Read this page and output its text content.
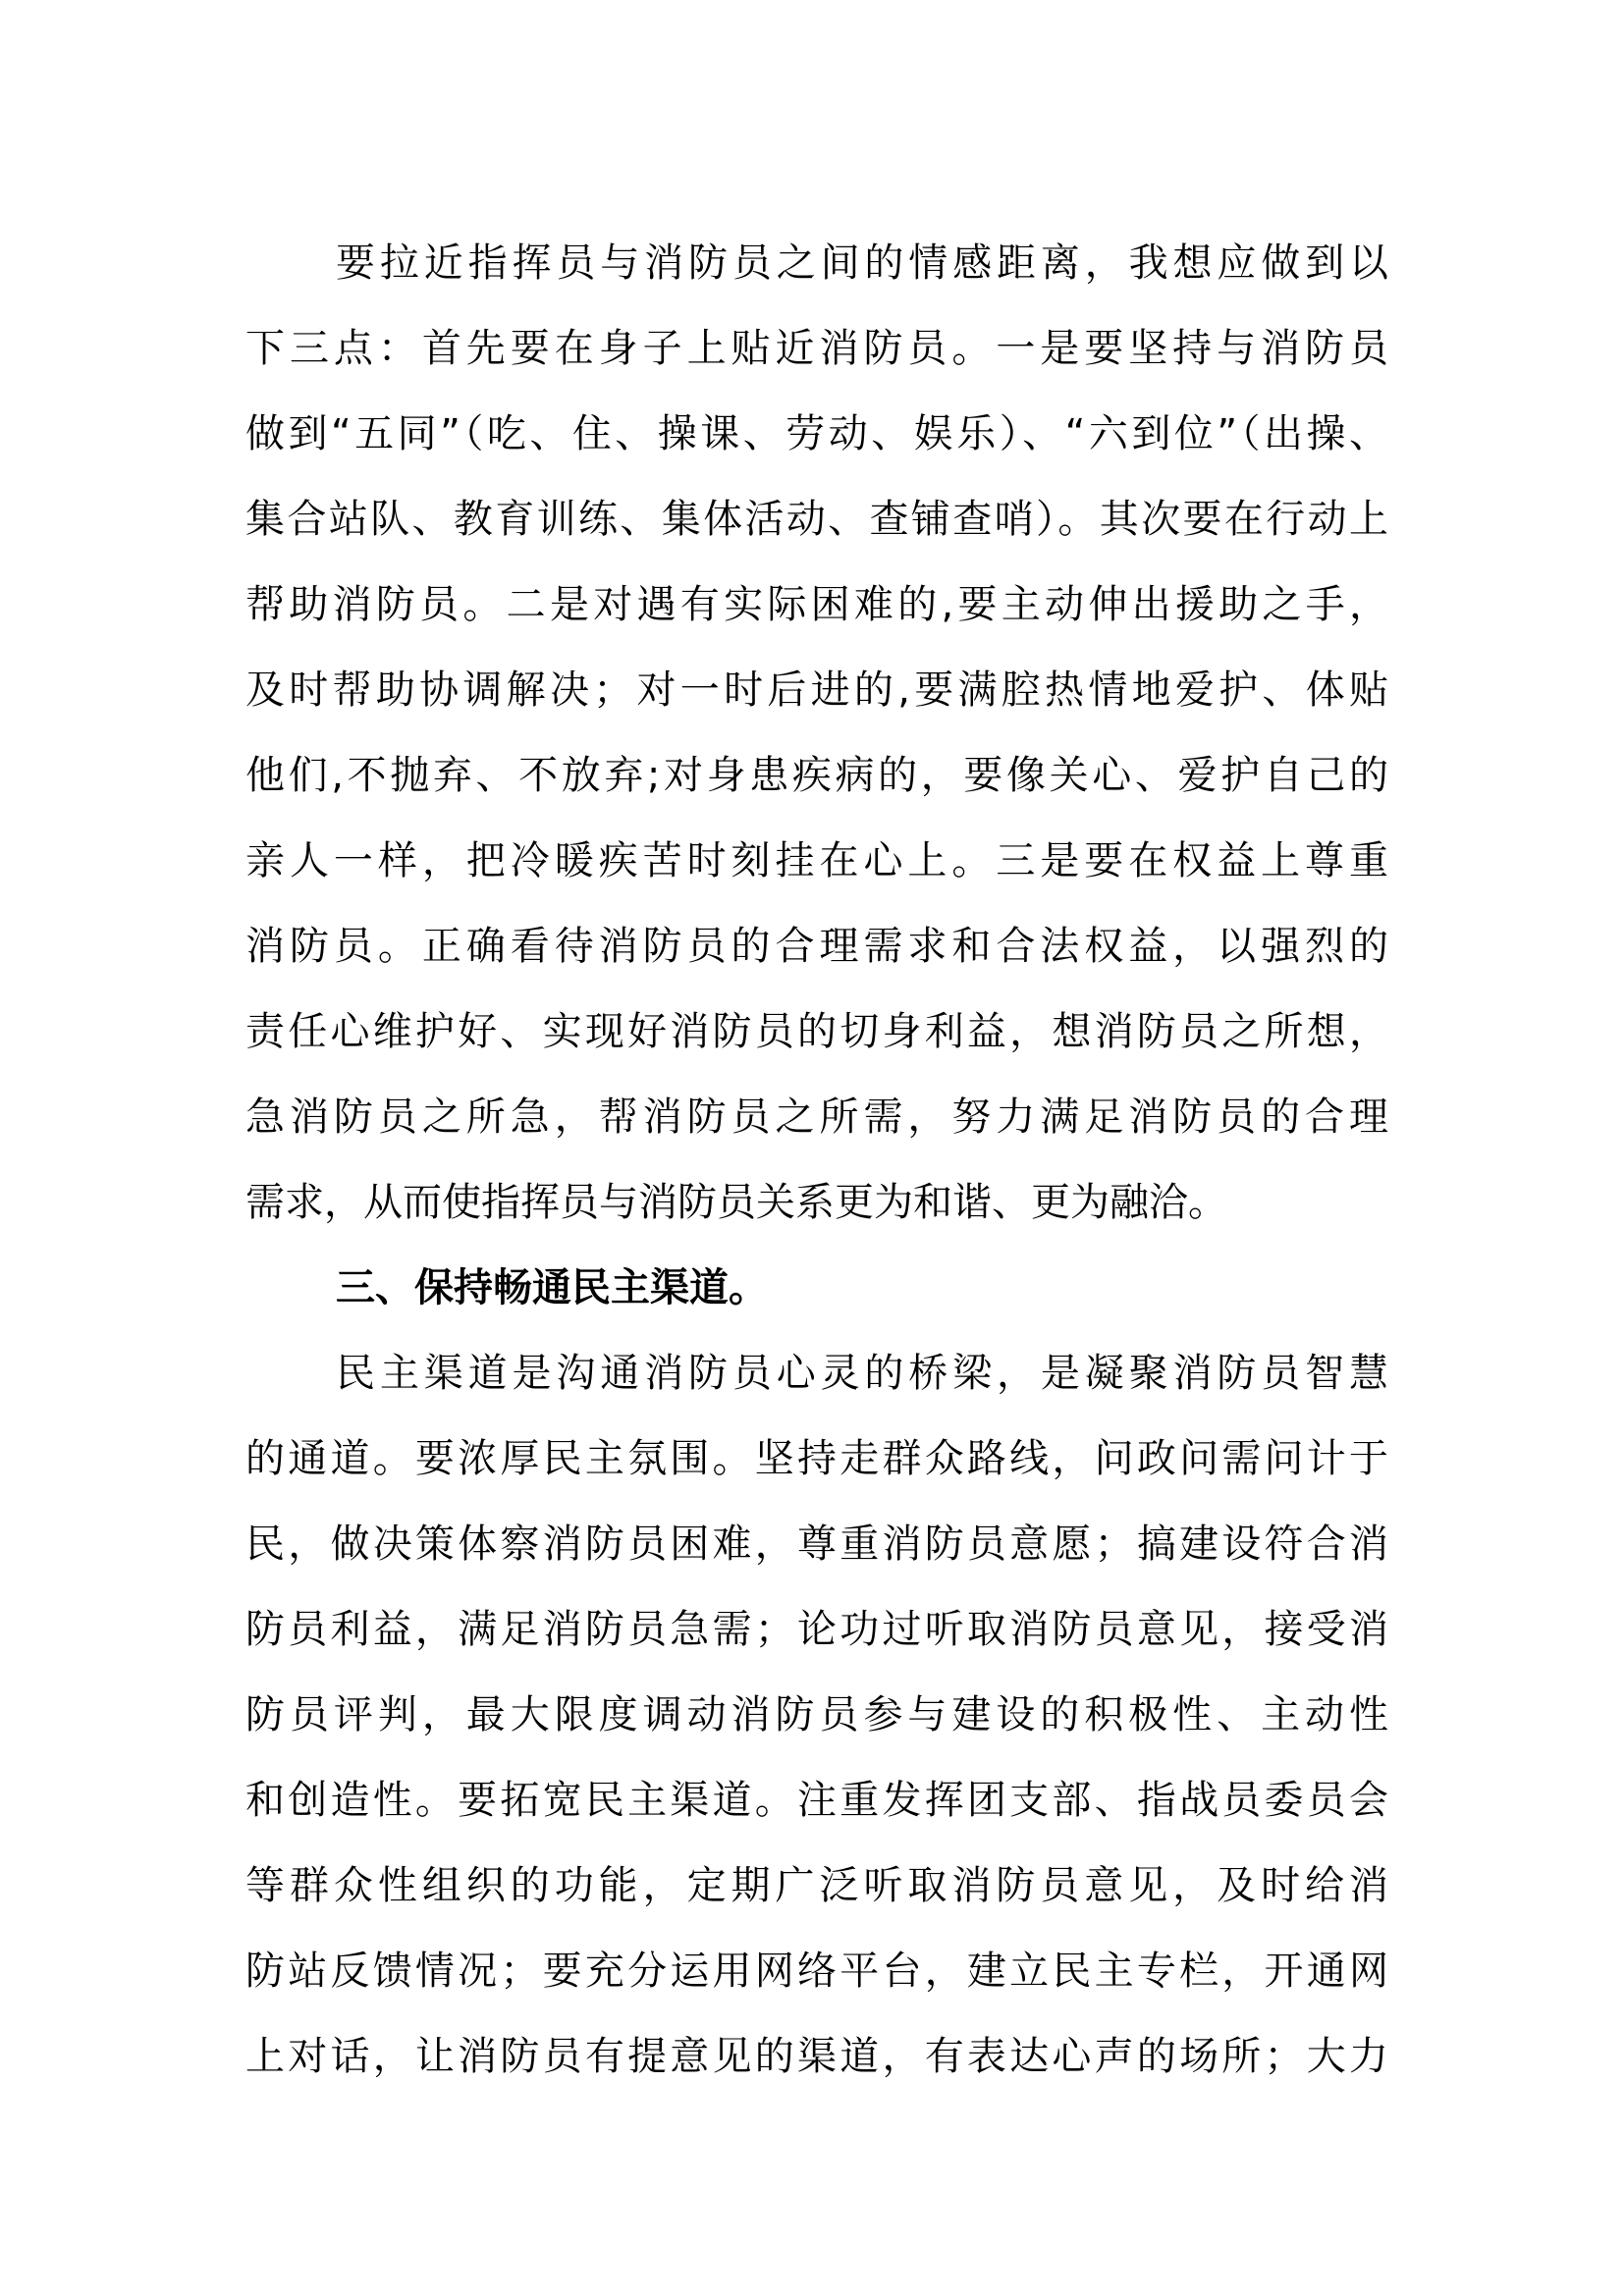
要拉近指挥员与消防员之间的情感距离，我想应做到以
下三点：首先要在身子上贴近消防员。一是要坚持与消防员
做到“五同”（吃、住、操课、劳动、娱乐）、“六到位”（出操、
集合站队、教育训练、集体活动、查铺查哨）。其次要在行动上
帮助消防员。二是对遇有实际困难的,要主动伸出援助之手，
及时帮助协调解决；对一时后进的,要满腔热情地爱护、体贴
他们,不抛弃、不放弃;对身患疾病的，要像关心、爱护自己的
亲人一样，把冷暖疾苦时刻挂在心上。三是要在权益上尊重
消防员。正确看待消防员的合理需求和合法权益，以强烈的
责任心维护好、实现好消防员的切身利益，想消防员之所想，
急消防员之所急，帮消防员之所需，努力满足消防员的合理
需求，从而使指挥员与消防员关系更为和谐、更为融洽。
三、保持畅通民主渠道。
民主渠道是沟通消防员心灵的桥梁，是凝聚消防员智慧
的通道。要浓厚民主氛围。坚持走群众路线，问政问需问计于
民，做决策体察消防员困难，尊重消防员意愿；搞建设符合消
防员利益，满足消防员急需；论功过听取消防员意见，接受消
防员评判，最大限度调动消防员参与建设的积极性、主动性
和创造性。要拓宽民主渠道。注重发挥团支部、指战员委员会
等群众性组织的功能，定期广泛听取消防员意见，及时给消
防站反馈情况；要充分运用网络平台，建立民主专栏，开通网
上对话，让消防员有提意见的渠道，有表达心声的场所；大力
